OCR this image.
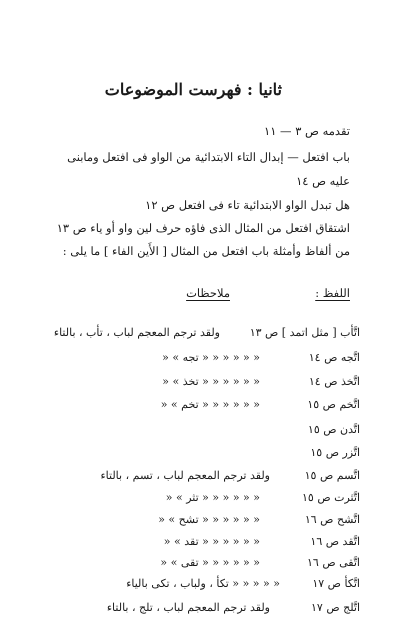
ثانيا : فهرست الموضوعات
تقدمه ص ٣ — ١١
باب افتعل — إبدال التاء الابتدائية من الواو فى افتعل ومابنى
عليه ص ١٤
هل تبدل الواو الابتدائية تاء فى افتعل ص ١٢
اشتقاق افتعل من المثال الذى فاؤه حرف لين واو أو ياء ص ١٣
من ألفاظ وأمثلة باب افتعل من المثال [ الأَين الفاء ] ما يلى :
اللفظ :
ملاحظات
اتَّأب [ مثل اتمد ] ص ١٣
ولقد ترجم المعجم لباب ، تأب ، بالتاء
اتَّجه ص ١٤
« « « « « « تجه » «
اتَّخذ ص ١٤
« « « « « « تخذ » «
اتَّخم ص ١٥
« « « « « « تخم » «
اتَّدن ص ١٥
اتَّزر ص ١٥
اتَّسم ص ١٥
ولقد ترجم المعجم لباب ، تسم ، بالتاء
اتَّثرت ص ١٥
« « « « « « تثر » «
اتَّشح ص ١٦
« « « « « « تشح » «
اتَّقد ص ١٦
« « « « « « تقد » «
اتَّقى ص ١٦
« « « « « « تقى » «
اتَّكأ ص ١٧
« « « « « تكأ ، ولباب ، تكى بالياء
اتَّلج ص ١٧
ولقد ترجم المعجم لباب ، تلج ، بالتاء
